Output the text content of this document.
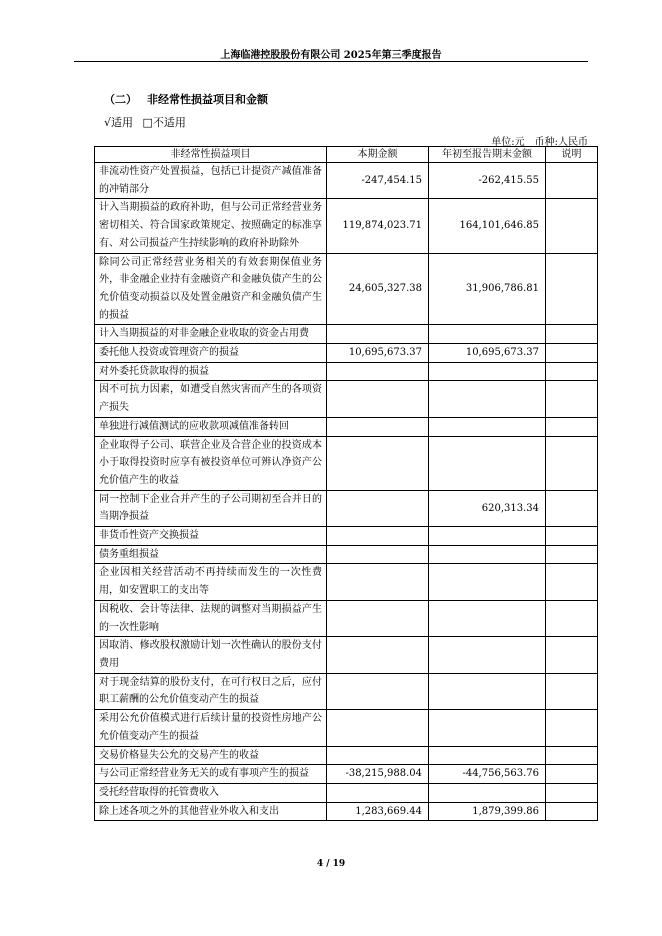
上海临港控股股份有限公司 2025年第三季度报告
（二） 非经常性损益项目和金额
√适用 □不适用
单位:元 币种:人民币
非经常性损益项目	本期金额	年初至报告期末金额	说明
非流动性资产处置损益，包括已计提资产减值准备的冲销部分	-247,454.15	-262,415.55	
计入当期损益的政府补助，但与公司正常经营业务密切相关、符合国家政策规定、按照确定的标准享有、对公司损益产生持续影响的政府补助除外	119,874,023.71	164,101,646.85	
除同公司正常经营业务相关的有效套期保值业务外，非金融企业持有金融资产和金融负债产生的公允价值变动损益以及处置金融资产和金融负债产生的损益	24,605,327.38	31,906,786.81	
计入当期损益的对非金融企业收取的资金占用费			
委托他人投资或管理资产的损益	10,695,673.37	10,695,673.37	
对外委托贷款取得的损益			
因不可抗力因素，如遭受自然灾害而产生的各项资产损失			
单独进行减值测试的应收款项减值准备转回			
企业取得子公司、联营企业及合营企业的投资成本小于取得投资时应享有被投资单位可辨认净资产公允价值产生的收益			
同一控制下企业合并产生的子公司期初至合并日的当期净损益		620,313.34	
非货币性资产交换损益			
债务重组损益			
企业因相关经营活动不再持续而发生的一次性费用，如安置职工的支出等			
因税收、会计等法律、法规的调整对当期损益产生的一次性影响			
因取消、修改股权激励计划一次性确认的股份支付费用			
对于现金结算的股份支付，在可行权日之后，应付职工薪酬的公允价值变动产生的损益			
采用公允价值模式进行后续计量的投资性房地产公允价值变动产生的损益			
交易价格显失公允的交易产生的收益			
与公司正常经营业务无关的或有事项产生的损益	-38,215,988.04	-44,756,563.76	
受托经营取得的托管费收入			
除上述各项之外的其他营业外收入和支出	1,283,669.44	1,879,399.86	
4 / 19
